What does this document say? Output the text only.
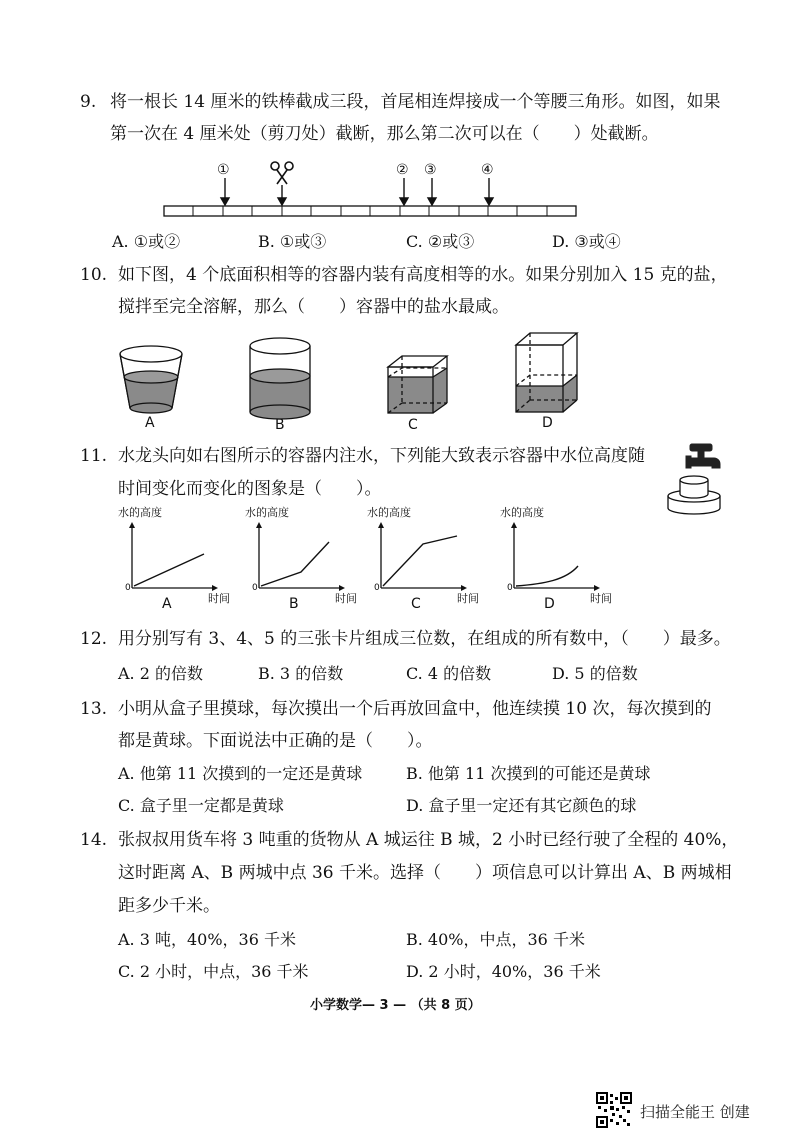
9. 将一根长 14 厘米的铁棒截成三段，首尾相连焊接成一个等腰三角形。如图，如果
第一次在 4 厘米处（剪刀处）截断，那么第二次可以在（　　）处截断。
①	② ③	④
A. ①或②	B. ①或③	C. ②或③	D. ③或④
10. 如下图，4 个底面积相等的容器内装有高度相等的水。如果分别加入 15 克的盐，
搅拌至完全溶解，那么（　　）容器中的盐水最咸。
A	B	C	D
11. 水龙头向如右图所示的容器内注水，下列能大致表示容器中水位高度随
时间变化而变化的图象是（　　）。
水的高度
时间
0
A
水的高度
时间
0
B
水的高度
时间
0
C
水的高度
时间
0
D
12. 用分别写有 3、4、5 的三张卡片组成三位数，在组成的所有数中，（　　）最多。
A. 2 的倍数	B. 3 的倍数	C. 4 的倍数	D. 5 的倍数
13. 小明从盒子里摸球，每次摸出一个后再放回盒中，他连续摸 10 次，每次摸到的
都是黄球。下面说法中正确的是（　　）。
A. 他第 11 次摸到的一定还是黄球	B. 他第 11 次摸到的可能还是黄球
C. 盒子里一定都是黄球	D. 盒子里一定还有其它颜色的球
14. 张叔叔用货车将 3 吨重的货物从 A 城运往 B 城，2 小时已经行驶了全程的 40%，
这时距离 A、B 两城中点 36 千米。选择（　　）项信息可以计算出 A、B 两城相
距多少千米。
A. 3 吨，40%，36 千米	B. 40%，中点，36 千米
C. 2 小时，中点，36 千米	D. 2 小时，40%，36 千米
小学数学— 3 — （共 8 页）
扫描全能王 创建
